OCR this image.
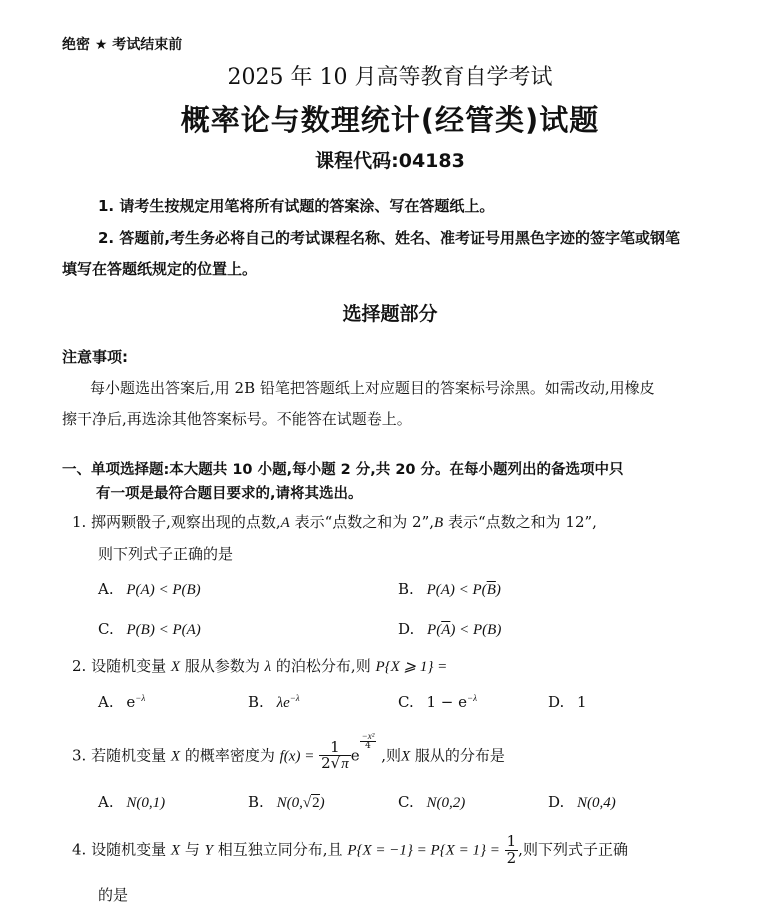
绝密 ★ 考试结束前
2025 年 10 月高等教育自学考试
概率论与数理统计(经管类)试题
课程代码:04183
1. 请考生按规定用笔将所有试题的答案涂、写在答题纸上。
2. 答题前,考生务必将自己的考试课程名称、姓名、准考证号用黑色字迹的签字笔或钢笔
填写在答题纸规定的位置上。
选择题部分
注意事项:
每小题选出答案后,用 2B 铅笔把答题纸上对应题目的答案标号涂黑。如需改动,用橡皮
擦干净后,再选涂其他答案标号。不能答在试题卷上。
一、单项选择题:本大题共 10 小题,每小题 2 分,共 20 分。在每小题列出的备选项中只
有一项是最符合题目要求的,请将其选出。
1. 掷两颗骰子,观察出现的点数,A 表示“点数之和为 2”,B 表示“点数之和为 12”,
则下列式子正确的是
A. P(A) < P(B)	B. $P(A) < P(\overline{B})$
C. P(B) < P(A)	D. $P(\overline{A}) < P(B)$
2. 设随机变量 X 服从参数为 λ 的泊松分布,则 P{X ⩾ 1} =
A. $e^{-\lambda}$	B. $\lambda e^{-\lambda}$	C. $1 - e^{-\lambda}$	D. 1
3. 若随机变量 X 的概率密度为 $f(x) = \frac{1}{2√\pi}$ e
$^{\frac{\text{−x²}}{4}}$
,则X 服从的分布是
A. N(0,1)	B. N(0,√2)	C. N(0,2)	D. N(0,4)
4. 设随机变量 X 与 Y 相互独立同分布,且 $P\{X = -1\} = P\{X = 1\} = \frac{1}{2}$ ,则下列式子正确
的是
